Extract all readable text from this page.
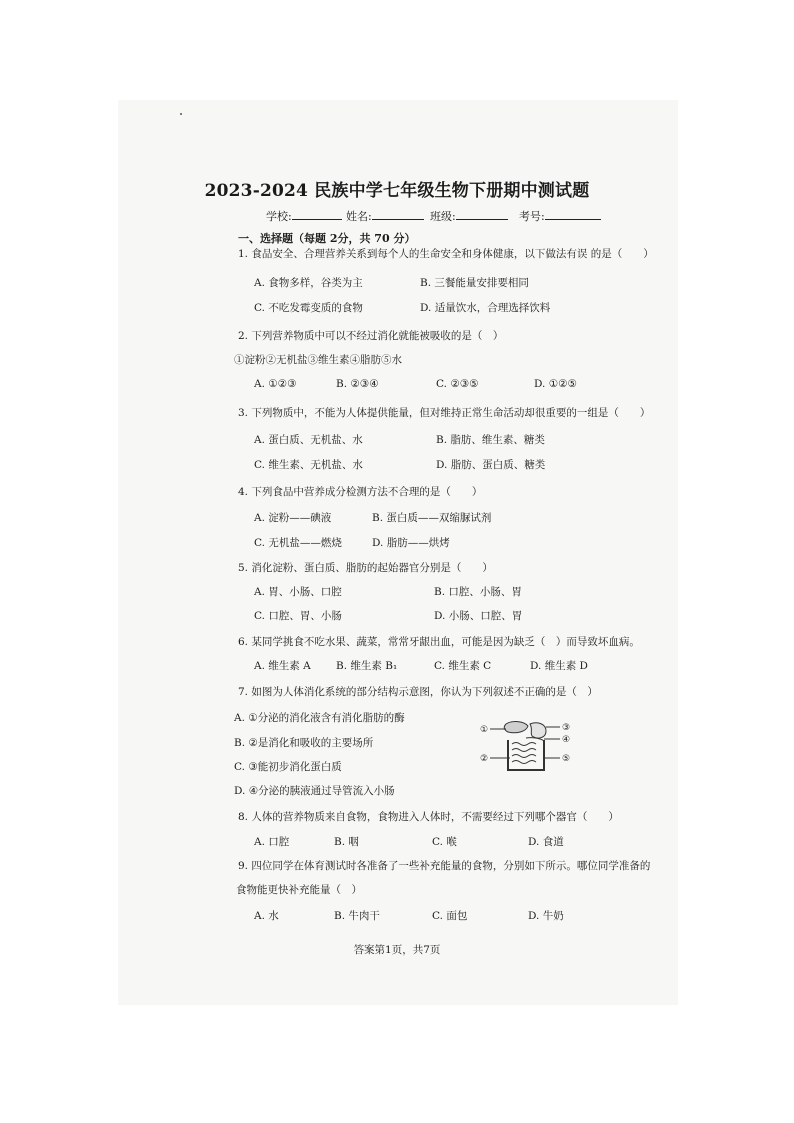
2023-2024 民族中学七年级生物下册期中测试题
学校:	姓名:	班级:	考号:
一、选择题（每题 2分，共 70 分）
1. 食品安全、合理营养关系到每个人的生命安全和身体健康，以下做法有误 的是（　　）
A. 食物多样，谷类为主	B. 三餐能量安排要相同
C. 不吃发霉变质的食物	D. 适量饮水，合理选择饮料
2. 下列营养物质中可以不经过消化就能被吸收的是（　）
①淀粉②无机盐③维生素④脂肪⑤水
A. ①②③	B. ②③④	C. ②③⑤	D. ①②⑤
3. 下列物质中，不能为人体提供能量，但对维持正常生命活动却很重要的一组是（　　）
A. 蛋白质、无机盐、水	B. 脂肪、维生素、糖类
C. 维生素、无机盐、水	D. 脂肪、蛋白质、糖类
4. 下列食品中营养成分检测方法不合理的是（　　）
A. 淀粉——碘液	B. 蛋白质——双缩脲试剂
C. 无机盐——燃烧	D. 脂肪——烘烤
5. 消化淀粉、蛋白质、脂肪的起始器官分别是（　　）
A. 胃、小肠、口腔	B. 口腔、小肠、胃
C. 口腔、胃、小肠	D. 小肠、口腔、胃
6. 某同学挑食不吃水果、蔬菜，常常牙龈出血，可能是因为缺乏（　）而导致坏血病。
A. 维生素 A B. 维生素 B₁	C. 维生素 C	D. 维生素 D
7. 如图为人体消化系统的部分结构示意图，你认为下列叙述不正确的是（　）
A. ①分泌的消化液含有消化脂肪的酶
B. ②是消化和吸收的主要场所
C. ③能初步消化蛋白质
D. ④分泌的胰液通过导管流入小肠
①
②
③
④
⑤
8. 人体的营养物质来自食物，食物进入人体时，不需要经过下列哪个器官（　　）
A. 口腔	B. 咽	C. 喉	D. 食道
9. 四位同学在体育测试时各准备了一些补充能量的食物，分别如下所示。哪位同学准备的
食物能更快补充能量（　）
A. 水	B. 牛肉干	C. 面包	D. 牛奶
答案第1页，共7页
